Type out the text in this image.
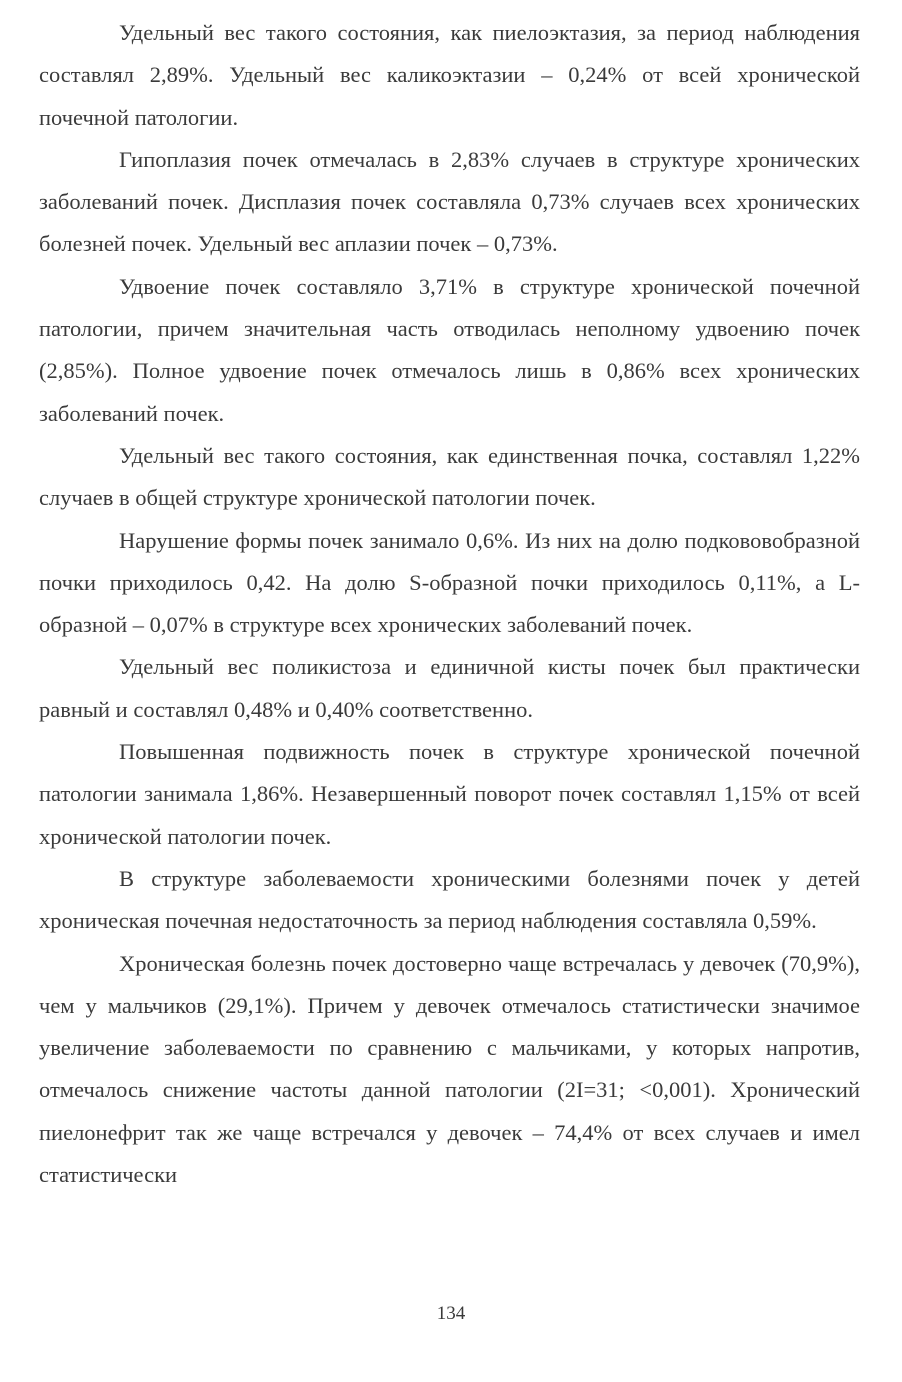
Удельный вес такого состояния, как пиелоэктазия, за период наблюдения составлял 2,89%. Удельный вес каликоэктазии – 0,24% от всей хронической почечной патологии.

Гипоплазия почек отмечалась в 2,83% случаев в структуре хронических заболеваний почек. Дисплазия почек составляла 0,73% случаев всех хронических болезней почек. Удельный вес аплазии почек – 0,73%.

Удвоение почек составляло 3,71% в структуре хронической почечной патологии, причем значительная часть отводилась неполному удвоению почек (2,85%). Полное удвоение почек отмечалось лишь в 0,86% всех хронических заболеваний почек.

Удельный вес такого состояния, как единственная почка, составлял 1,22% случаев в общей структуре хронической патологии почек.

Нарушение формы почек занимало 0,6%. Из них на долю подкововобразной почки приходилось 0,42. На долю S-образной почки приходилось 0,11%, а L-образной – 0,07% в структуре всех хронических заболеваний почек.

Удельный вес поликистоза и единичной кисты почек был практически равный и составлял 0,48% и 0,40% соответственно.

Повышенная подвижность почек в структуре хронической почечной патологии занимала 1,86%. Незавершенный поворот почек составлял 1,15% от всей хронической патологии почек.

В структуре заболеваемости хроническими болезнями почек у детей хроническая почечная недостаточность за период наблюдения составляла 0,59%.

Хроническая болезнь почек достоверно чаще встречалась у девочек (70,9%), чем у мальчиков (29,1%). Причем у девочек отмечалось статистически значимое увеличение заболеваемости по сравнению с мальчиками, у которых напротив, отмечалось снижение частоты данной патологии (2I=31; <0,001). Хронический пиелонефрит так же чаще встречался у девочек – 74,4% от всех случаев и имел статистически

134
